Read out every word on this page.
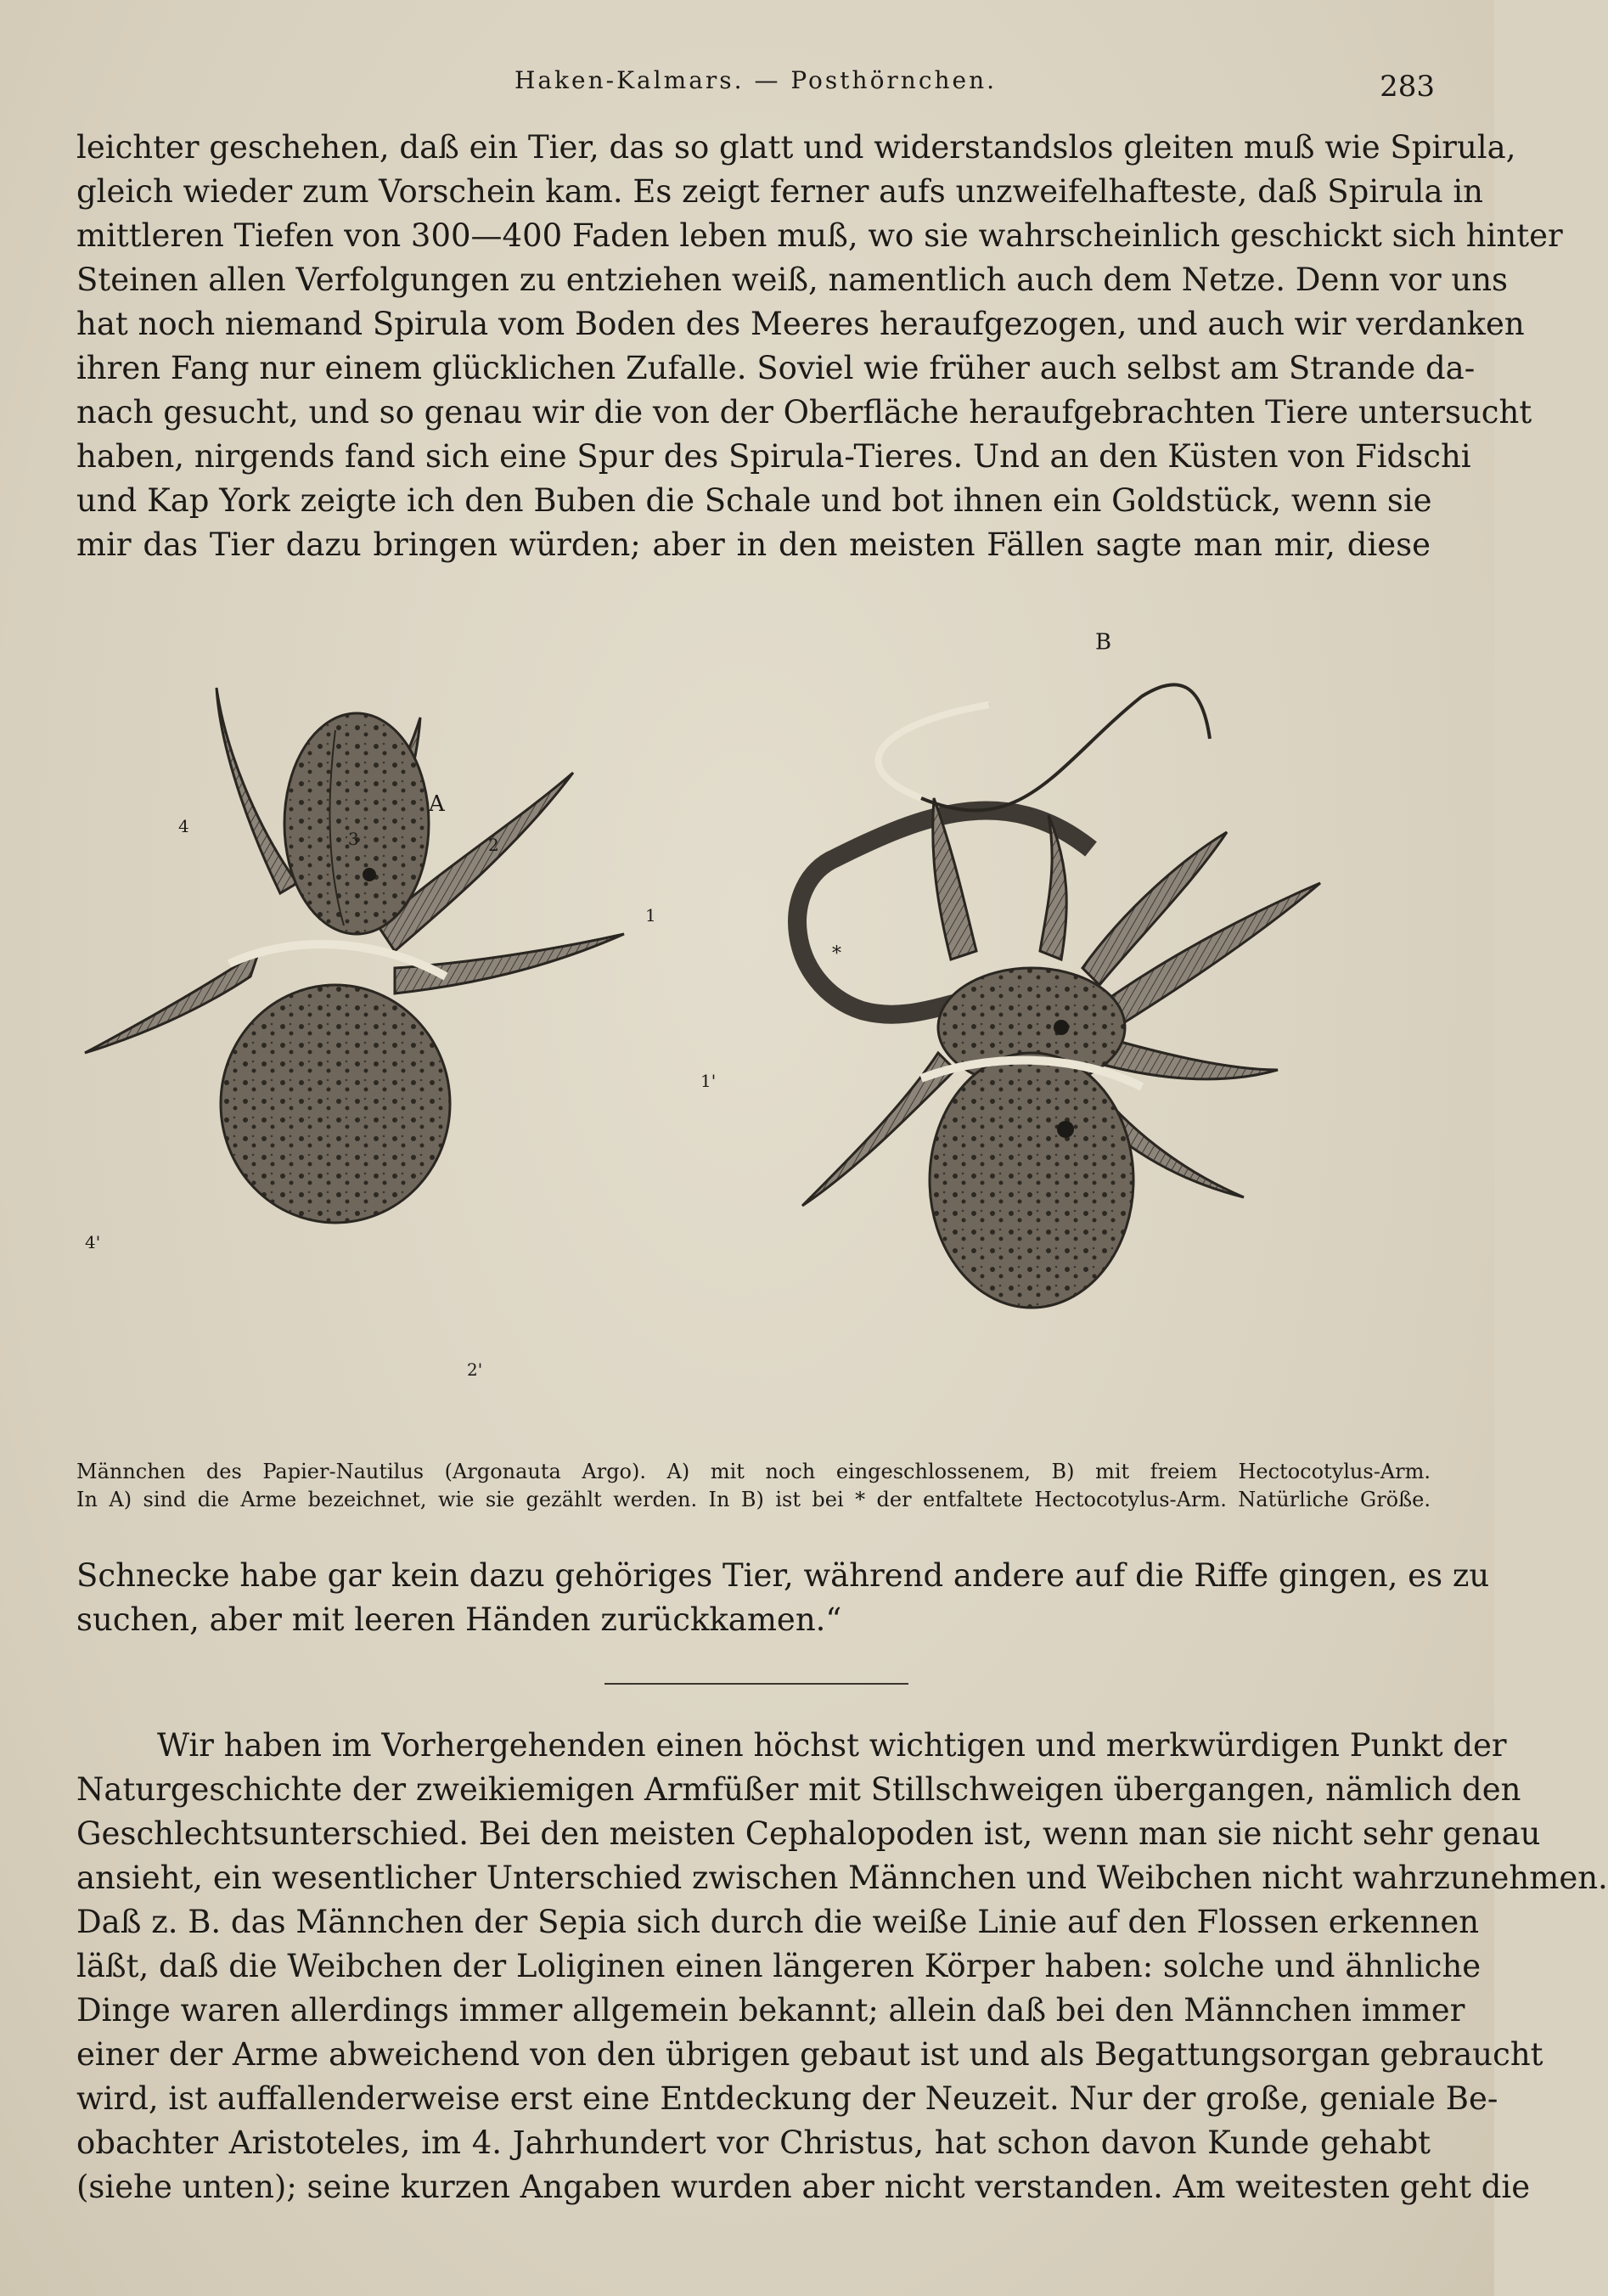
Haken-Kalmars. — Posthörnchen.	283
leichter geschehen, daß ein Tier, das so glatt und widerstandslos gleiten muß wie Spirula,
gleich wieder zum Vorschein kam. Es zeigt ferner aufs unzweifelhafteste, daß Spirula in
mittleren Tiefen von 300—400 Faden leben muß, wo sie wahrscheinlich geschickt sich hinter
Steinen allen Verfolgungen zu entziehen weiß, namentlich auch dem Netze. Denn vor uns
hat noch niemand Spirula vom Boden des Meeres heraufgezogen, und auch wir verdanken
ihren Fang nur einem glücklichen Zufalle. Soviel wie früher auch selbst am Strande da-
nach gesucht, und so genau wir die von der Oberfläche heraufgebrachten Tiere untersucht
haben, nirgends fand sich eine Spur des Spirula-Tieres. Und an den Küsten von Fidschi
und Kap York zeigte ich den Buben die Schale und bot ihnen ein Goldstück, wenn sie
mir das Tier dazu bringen würden; aber in den meisten Fällen sagte man mir, diese
A
4
3	2
1
1'
4'
2'
B
*
Männchen des Papier-Nautilus (Argonauta Argo). A) mit noch eingeschlossenem, B) mit freiem Hectocotylus-Arm.
In A) sind die Arme bezeichnet, wie sie gezählt werden. In B) ist bei * der entfaltete Hectocotylus-Arm. Natürliche Größe.
Schnecke habe gar kein dazu gehöriges Tier, während andere auf die Riffe gingen, es zu
suchen, aber mit leeren Händen zurückkamen.“
Wir haben im Vorhergehenden einen höchst wichtigen und merkwürdigen Punkt der
Naturgeschichte der zweikiemigen Armfüßer mit Stillschweigen übergangen, nämlich den
Geschlechtsunterschied. Bei den meisten Cephalopoden ist, wenn man sie nicht sehr genau
ansieht, ein wesentlicher Unterschied zwischen Männchen und Weibchen nicht wahrzunehmen.
Daß z. B. das Männchen der Sepia sich durch die weiße Linie auf den Flossen erkennen
läßt, daß die Weibchen der Loliginen einen längeren Körper haben: solche und ähnliche
Dinge waren allerdings immer allgemein bekannt; allein daß bei den Männchen immer
einer der Arme abweichend von den übrigen gebaut ist und als Begattungsorgan gebraucht
wird, ist auffallenderweise erst eine Entdeckung der Neuzeit. Nur der große, geniale Be-
obachter Aristoteles, im 4. Jahrhundert vor Christus, hat schon davon Kunde gehabt
(siehe unten); seine kurzen Angaben wurden aber nicht verstanden. Am weitesten geht die
